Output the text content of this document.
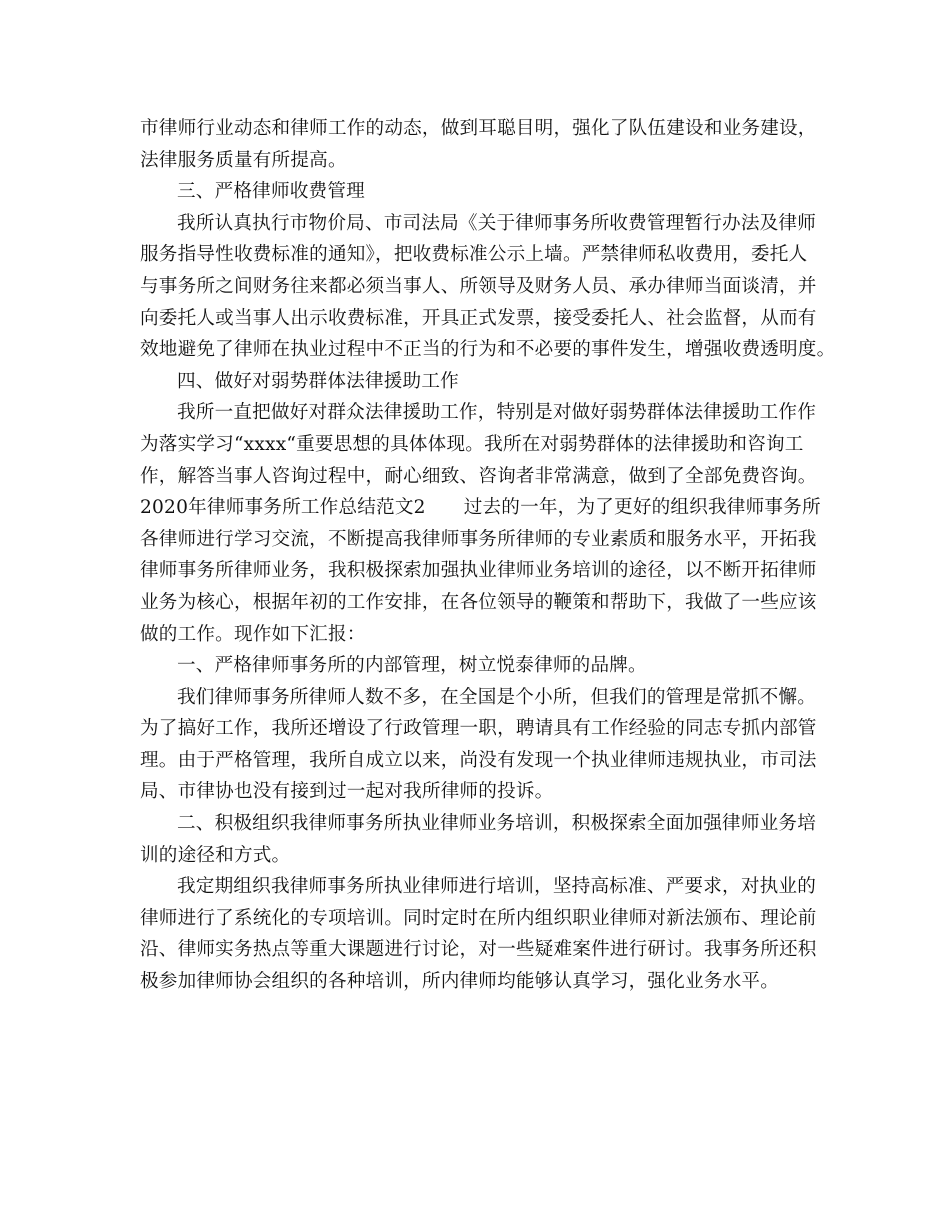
市律师行业动态和律师工作的动态，做到耳聪目明，强化了队伍建设和业务建设，
法律服务质量有所提高。
三、严格律师收费管理
我所认真执行市物价局、市司法局《关于律师事务所收费管理暂行办法及律师
服务指导性收费标准的通知》，把收费标准公示上墙。严禁律师私收费用，委托人
与事务所之间财务往来都必须当事人、所领导及财务人员、承办律师当面谈清，并
向委托人或当事人出示收费标准，开具正式发票，接受委托人、社会监督，从而有
效地避免了律师在执业过程中不正当的行为和不必要的事件发生，增强收费透明度。
四、做好对弱势群体法律援助工作
我所一直把做好对群众法律援助工作，特别是对做好弱势群体法律援助工作作
为落实学习“xxxx“重要思想的具体体现。我所在对弱势群体的法律援助和咨询工
作，解答当事人咨询过程中，耐心细致、咨询者非常满意，做到了全部免费咨询。
2020年律师事务所工作总结范文2 过去的一年，为了更好的组织我律师事务所
各律师进行学习交流，不断提高我律师事务所律师的专业素质和服务水平，开拓我
律师事务所律师业务，我积极探索加强执业律师业务培训的途径，以不断开拓律师
业务为核心，根据年初的工作安排，在各位领导的鞭策和帮助下，我做了一些应该
做的工作。现作如下汇报：
一、严格律师事务所的内部管理，树立悦泰律师的品牌。
我们律师事务所律师人数不多，在全国是个小所，但我们的管理是常抓不懈。
为了搞好工作，我所还增设了行政管理一职，聘请具有工作经验的同志专抓内部管
理。由于严格管理，我所自成立以来，尚没有发现一个执业律师违规执业，市司法
局、市律协也没有接到过一起对我所律师的投诉。
二、积极组织我律师事务所执业律师业务培训，积极探索全面加强律师业务培
训的途径和方式。
我定期组织我律师事务所执业律师进行培训，坚持高标准、严要求，对执业的
律师进行了系统化的专项培训。同时定时在所内组织职业律师对新法颁布、理论前
沿、律师实务热点等重大课题进行讨论，对一些疑难案件进行研讨。我事务所还积
极参加律师协会组织的各种培训，所内律师均能够认真学习，强化业务水平。
